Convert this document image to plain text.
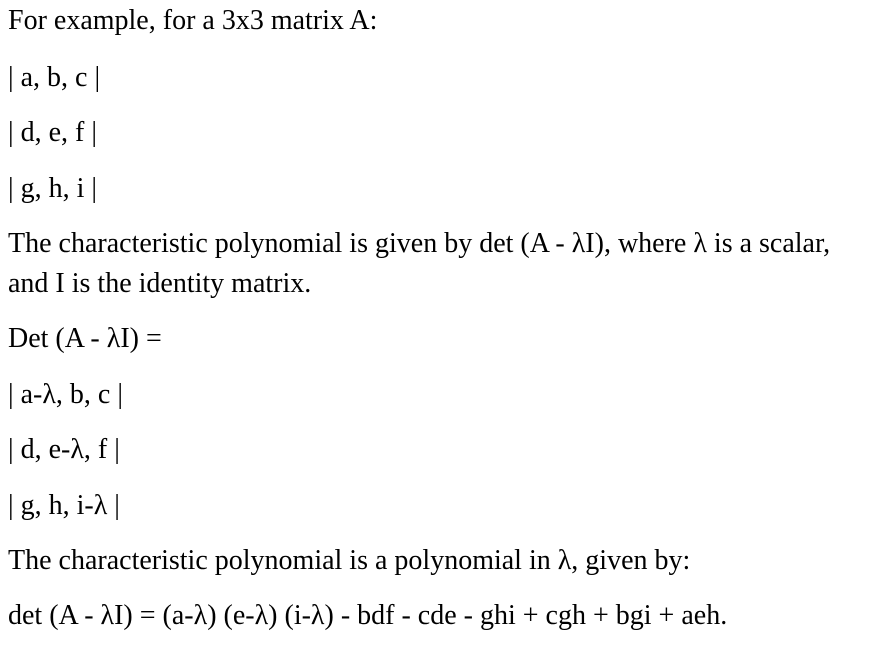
For example, for a 3x3 matrix A:

| a, b, c |

| d, e, f |

| g, h, i |

The characteristic polynomial is given by det (A - λI), where λ is a scalar, and I is the identity matrix.

Det (A - λI) =

| a-λ, b, c |

| d, e-λ, f |

| g, h, i-λ |

The characteristic polynomial is a polynomial in λ, given by:

det (A - λI) = (a-λ) (e-λ) (i-λ) - bdf - cde - ghi + cgh + bgi + aeh.
